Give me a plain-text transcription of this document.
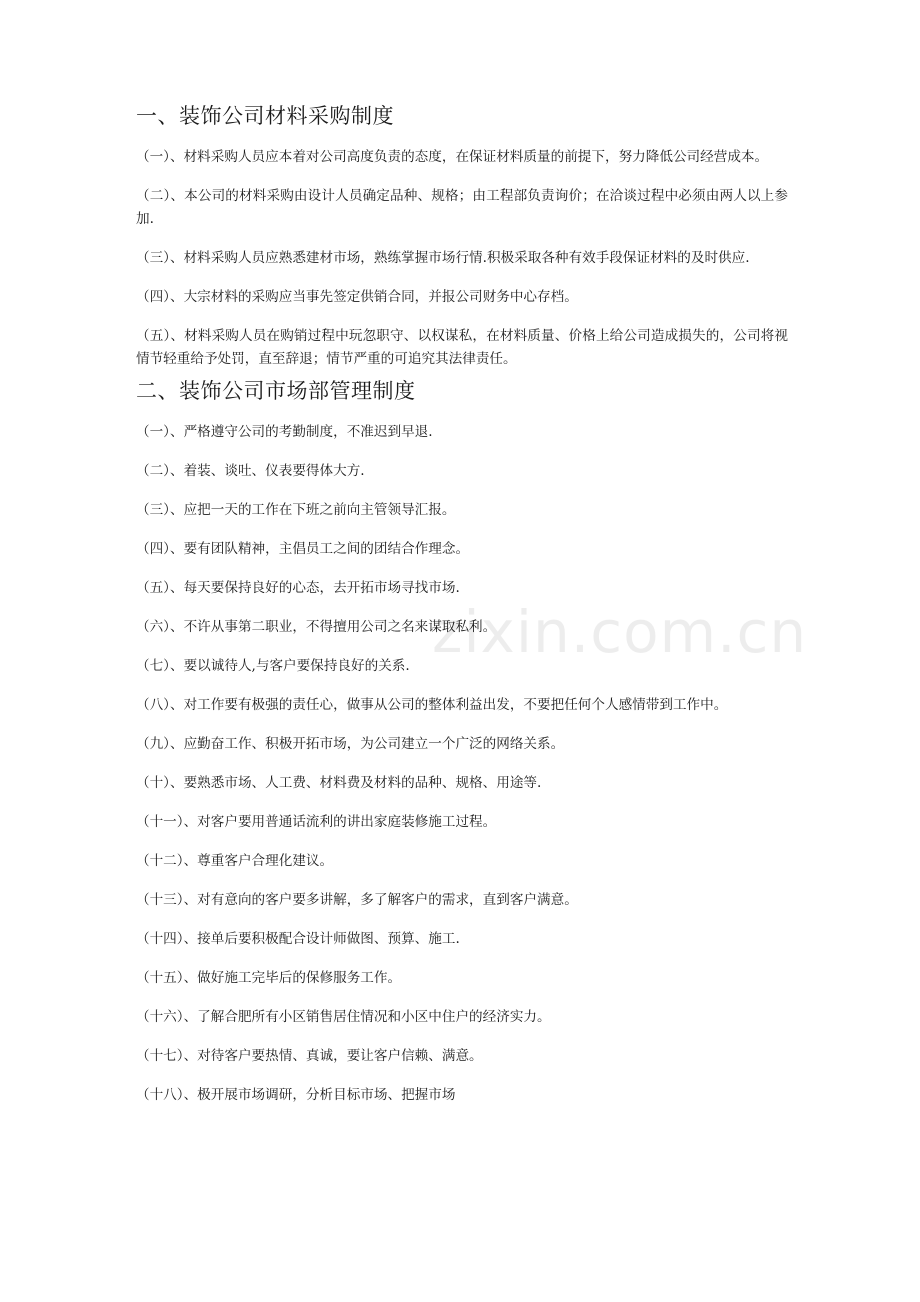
一、装饰公司材料采购制度

（一）、材料采购人员应本着对公司高度负责的态度，在保证材料质量的前提下，努力降低公司经营成本。

（二）、本公司的材料采购由设计人员确定品种、规格；由工程部负责询价；在洽谈过程中必须由两人以上参加.

（三）、材料采购人员应熟悉建材市场，熟练掌握市场行情.积极采取各种有效手段保证材料的及时供应.

（四）、大宗材料的采购应当事先签定供销合同，并报公司财务中心存档。

（五）、材料采购人员在购销过程中玩忽职守、以权谋私，在材料质量、价格上给公司造成损失的，公司将视情节轻重给予处罚，直至辞退；情节严重的可追究其法律责任。

二、装饰公司市场部管理制度

（一）、严格遵守公司的考勤制度，不准迟到早退.

（二）、着装、谈吐、仪表要得体大方.

（三）、应把一天的工作在下班之前向主管领导汇报。

（四）、要有团队精神，主倡员工之间的团结合作理念。

（五）、每天要保持良好的心态，去开拓市场寻找市场.

（六）、不许从事第二职业，不得擅用公司之名来谋取私利。

（七）、要以诚待人,与客户要保持良好的关系.

（八）、对工作要有极强的责任心，做事从公司的整体利益出发，不要把任何个人感情带到工作中。

（九）、应勤奋工作、积极开拓市场，为公司建立一个广泛的网络关系。

（十）、要熟悉市场、人工费、材料费及材料的品种、规格、用途等.

（十一）、对客户要用普通话流利的讲出家庭装修施工过程。

（十二）、尊重客户合理化建议。

（十三）、对有意向的客户要多讲解，多了解客户的需求，直到客户满意。

（十四）、接单后要积极配合设计师做图、预算、施工.

（十五）、做好施工完毕后的保修服务工作。

（十六）、了解合肥所有小区销售居住情况和小区中住户的经济实力。

（十七）、对待客户要热情、真诚，要让客户信赖、满意。

（十八）、极开展市场调研，分析目标市场、把握市场

zixin.com.cn
